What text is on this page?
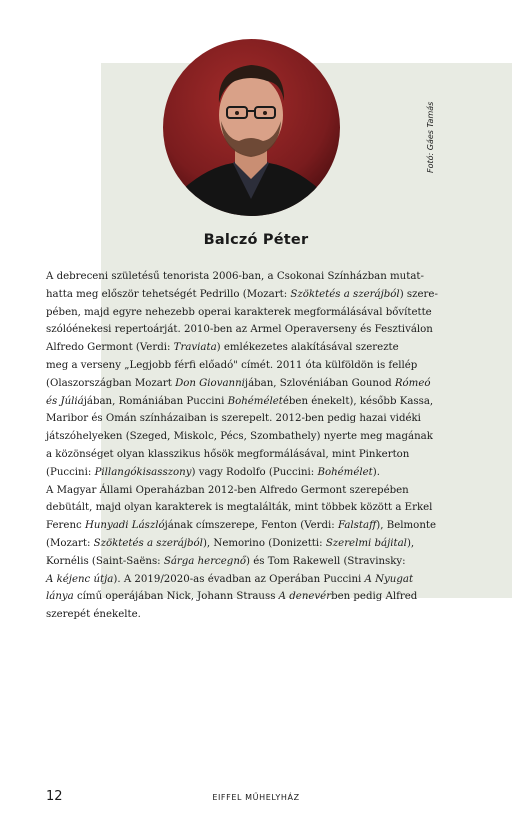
Fotó: Gáes Tamás
Balczó Péter
A debreceni születésű tenorista 2006-ban, a Csokonai Színházban mutat-
hatta meg először tehetségét Pedrillo (Mozart: Szöktetés a szerájból) szere-
pében, majd egyre nehezebb operai karakterek megformálásával bővítette
szólóénekesi repertoárját. 2010-ben az Armel Operaverseny és Fesztiválon
Alfredo Germont (Verdi: Traviata) emlékezetes alakításával szerezte
meg a verseny „Legjobb férfi előadó" címét. 2011 óta külföldön is fellép
(Olaszországban Mozart Don Giovannijában, Szlovéniában Gounod Rómeó
és Júliájában, Romániában Puccini Bohéméletében énekelt), később Kassa,
Maribor és Omán színházaiban is szerepelt. 2012-ben pedig hazai vidéki
játszóhelyeken (Szeged, Miskolc, Pécs, Szombathely) nyerte meg magának
a közönséget olyan klasszikus hősök megformálásával, mint Pinkerton
(Puccini: Pillangókisasszony) vagy Rodolfo (Puccini: Bohémélet).
A Magyar Állami Operaházban 2012-ben Alfredo Germont szerepében
debütált, majd olyan karakterek is megtalálták, mint többek között a Erkel
Ferenc Hunyadi Lászlójának címszerepe, Fenton (Verdi: Falstaff), Belmonte
(Mozart: Szöktetés a szerájból), Nemorino (Donizetti: Szerelmi bájital),
Kornélis (Saint-Saëns: Sárga hercegnő) és Tom Rakewell (Stravinsky:
A kéjenc útja). A 2019/2020-as évadban az Operában Puccini A Nyugat
lánya című operájában Nick, Johann Strauss A denevérben pedig Alfred
szerepét énekelte.
12	EIFFEL MŰHELYHÁZ
